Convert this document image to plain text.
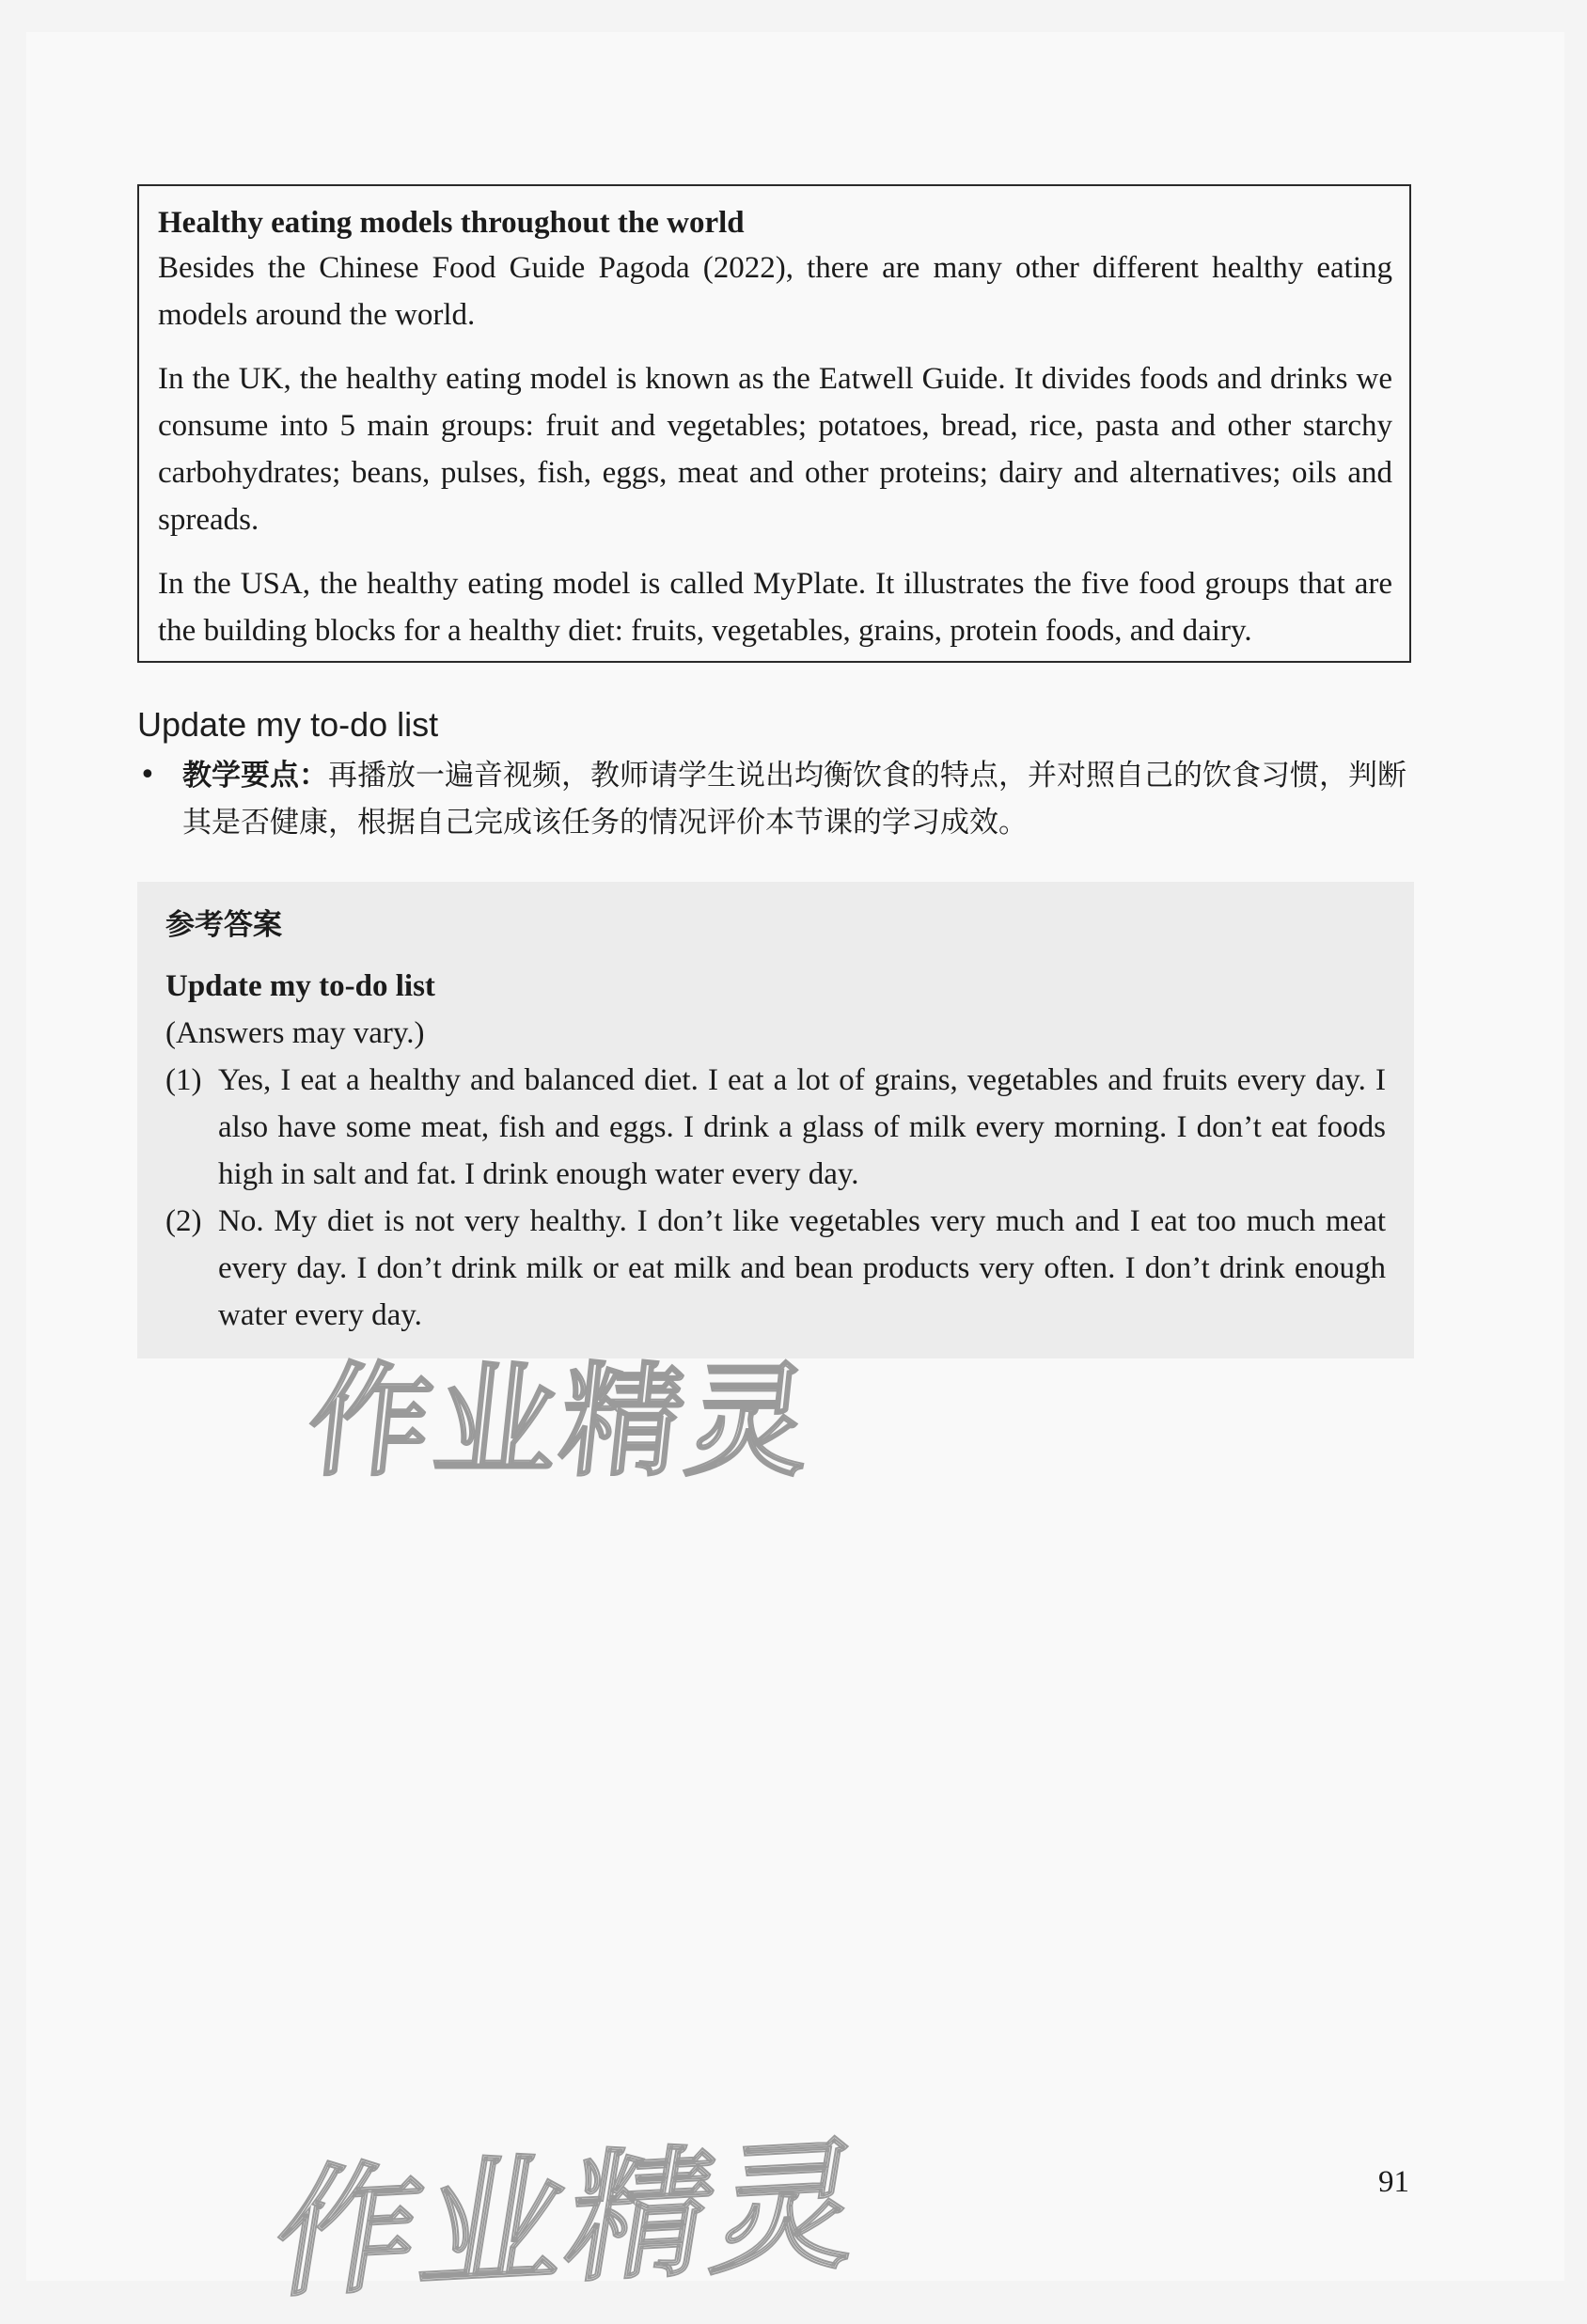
Healthy eating models throughout the world

Besides the Chinese Food Guide Pagoda (2022), there are many other different healthy eating models around the world.

In the UK, the healthy eating model is known as the Eatwell Guide. It divides foods and drinks we consume into 5 main groups: fruit and vegetables; potatoes, bread, rice, pasta and other starchy carbohydrates; beans, pulses, fish, eggs, meat and other proteins; dairy and alternatives; oils and spreads.

In the USA, the healthy eating model is called MyPlate. It illustrates the five food groups that are the building blocks for a healthy diet: fruits, vegetables, grains, protein foods, and dairy.

Update my to-do list
• 教学要点：再播放一遍音视频，教师请学生说出均衡饮食的特点，并对照自己的饮食习惯，判断其是否健康，根据自己完成该任务的情况评价本节课的学习成效。

参考答案

Update my to-do list

(Answers may vary.)

(1) Yes, I eat a healthy and balanced diet. I eat a lot of grains, vegetables and fruits every day. I also have some meat, fish and eggs. I drink a glass of milk every morning. I don’t eat foods high in salt and fat. I drink enough water every day.
(2) No. My diet is not very healthy. I don’t like vegetables very much and I eat too much meat every day. I don’t drink milk or eat milk and bean products very often. I don’t drink enough water every day.
作业精灵
作业精灵	91
